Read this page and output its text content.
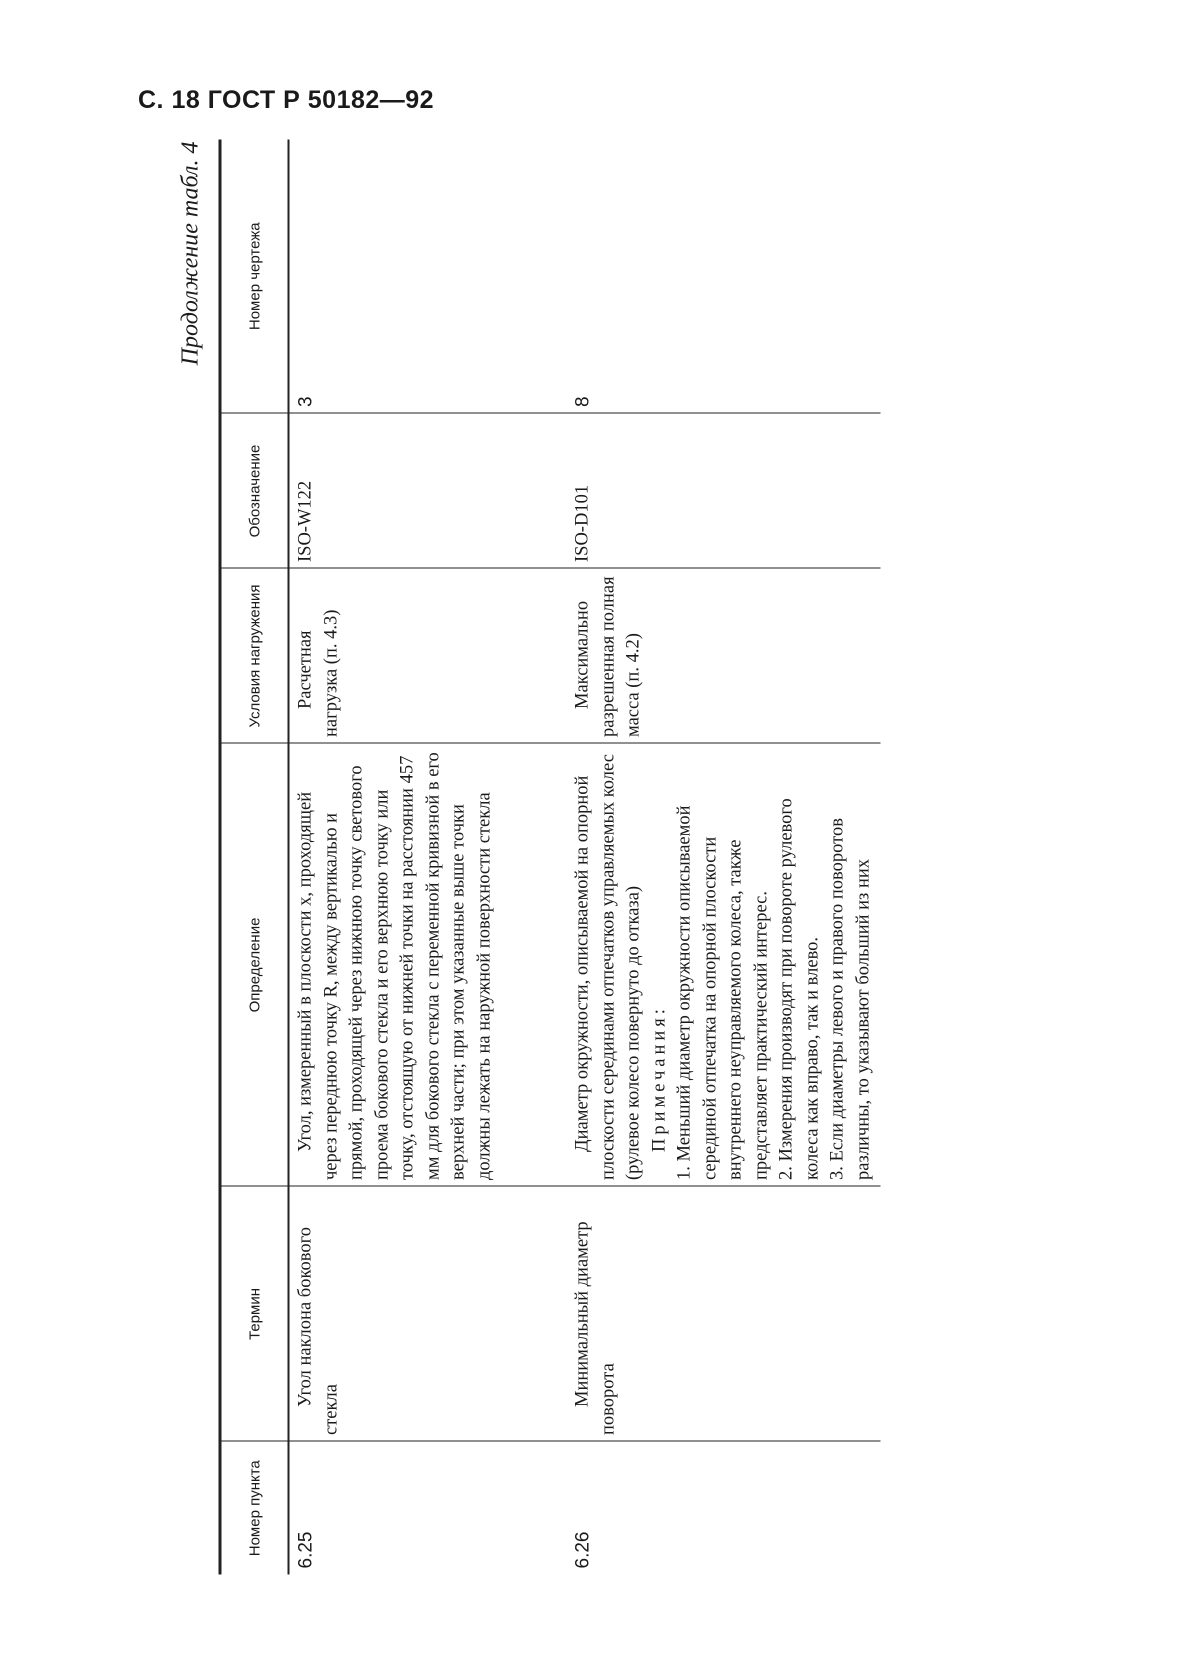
С. 18 ГОСТ Р 50182—92
Продолжение табл. 4
Номер пункта	Термин	Определение	Условия нагружения	Обозначение	Номер чертежа
6.25	Угол наклона бокового стекла	Угол, измеренный в плоскости x, проходящей через переднюю точку R, между вертикалью и прямой, проходящей через нижнюю точку светового проема бокового стекла и его верхнюю точку или точку, отстоящую от нижней точки на расстоянии 457 мм для бокового стекла с переменной кривизной в его верхней части; при этом указанные выше точки должны лежать на наружной поверхности стекла	Расчетная нагрузка (п. 4.3)	ISO-W122	3
6.26	Минимальный диаметр поворота	Диаметр окружности, описываемой на опорной плоскости серединами отпечатков управляемых колес (рулевое колесо повернуто до отказа) Примечания: 1. Меньший диаметр окружности описываемой серединой отпечатка на опорной плоскости внутреннего неуправляемого колеса, также представляет практический интерес. 2. Измерения производят при повороте рулевого колеса как вправо, так и влево. 3. Если диаметры левого и правого поворотов различны, то указывают больший из них	Максимально разрешенная полная масса (п. 4.2)	ISO-D101	8
